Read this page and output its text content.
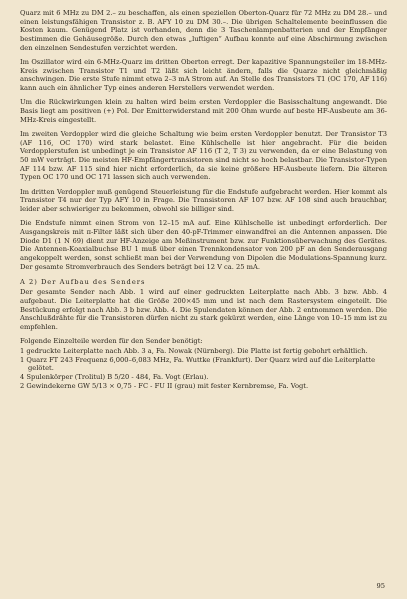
Quarz mit 6 MHz zu DM 2.– zu beschaffen, als einen speziellen Oberton-Quarz für 72 MHz zu DM 28.– und einen leistungsfähigen Transistor z. B. AFY 10 zu DM 30.–. Die übrigen Schaltelemente beeinflussen die Kosten kaum. Genügend Platz ist vorhanden, denn die 3 Taschenlampenbatterien und der Empfänger bestimmen die Gehäusegröße. Durch den etwas „luftigen“ Aufbau konnte auf eine Abschirmung zwischen den einzelnen Sendestufen verzichtet werden.

Im Oszillator wird ein 6-MHz-Quarz im dritten Oberton erregt. Der kapazitive Spannungsteiler im 18-MHz-Kreis zwischen Transistor T1 und T2 läßt sich leicht ändern, falls die Quarze nicht gleichmäßig anschwingen. Die erste Stufe nimmt etwa 2–3 mA Strom auf. An Stelle des Transistors T1 (OC 170, AF 116) kann auch ein ähnlicher Typ eines anderen Herstellers verwendet werden.

Um die Rückwirkungen klein zu halten wird beim ersten Verdoppler die Basisschaltung angewandt. Die Basis liegt am positiven (+) Pol. Der Emitterwiderstand mit 200 Ohm wurde auf beste HF-Ausbeute am 36-MHz-Kreis eingestellt.

Im zweiten Verdoppler wird die gleiche Schaltung wie beim ersten Verdoppler benutzt. Der Transistor T3 (AF 116, OC 170) wird stark belastet. Eine Kühlschelle ist hier angebracht. Für die beiden Verdopplerstufen ist unbedingt je ein Transistor AF 116 (T 2, T 3) zu verwenden, da er eine Belastung von 50 mW verträgt. Die meisten HF-Empfängertransistoren sind nicht so hoch belastbar. Die Transistor-Typen AF 114 bzw. AF 115 sind hier nicht erforderlich, da sie keine größere HF-Ausbeute liefern. Die älteren Typen OC 170 und OC 171 lassen sich auch verwenden.

Im dritten Verdoppler muß genügend Steuerleistung für die Endstufe aufgebracht werden. Hier kommt als Transistor T4 nur der Typ AFY 10 in Frage. Die Transistoren AF 107 bzw. AF 108 sind auch brauchbar, leider aber schwieriger zu bekommen, obwohl sie billiger sind.

Die Endstufe nimmt einen Strom von 12–15 mA auf. Eine Kühlschelle ist unbedingt erforderlich. Der Ausgangskreis mit π-Filter läßt sich über den 40-pF-Trimmer einwandfrei an die Antennen anpassen. Die Diode D1 (1 N 69) dient zur HF-Anzeige am Meßinstrument bzw. zur Funktionsüberwachung des Gerätes. Die Antennen-Koaxialbuchse BU 1 muß über einen Trennkondensator von 200 pF an den Senderausgang angekoppelt werden, sonst schließt man bei der Verwendung von Dipolen die Modulations-Spannung kurz. Der gesamte Stromverbrauch des Senders beträgt bei 12 V ca. 25 mA.

A 2) Der Aufbau des Senders

Der gesamte Sender nach Abb. 1 wird auf einer gedruckten Leiterplatte nach Abb. 3 bzw. Abb. 4 aufgebaut. Die Leiterplatte hat die Größe 200×45 mm und ist nach dem Rastersystem eingeteilt. Die Bestückung erfolgt nach Abb. 3 b bzw. Abb. 4. Die Spulendaten können der Abb. 2 entnommen werden. Die Anschlußdrähte für die Transistoren dürfen nicht zu stark gekürzt werden, eine Länge von 10–15 mm ist zu empfehlen.

Folgende Einzelteile werden für den Sender benötigt:

1 gedruckte Leiterplatte nach Abb. 3 a, Fa. Nowak (Nürnberg). Die Platte ist fertig gebohrt erhältlich.
1 Quarz FT 243 Frequenz 6,000–6,083 MHz, Fa. Wuttke (Frankfurt). Der Quarz wird auf die Leiterplatte gelötet.
4 Spulenkörper (Trolitul) B 5/20 - 484, Fa. Vogt (Erlau).
2 Gewindekerne GW 5/13 × 0,75 - FC - FU II (grau) mit fester Kernbremse, Fa. Vogt.
95
